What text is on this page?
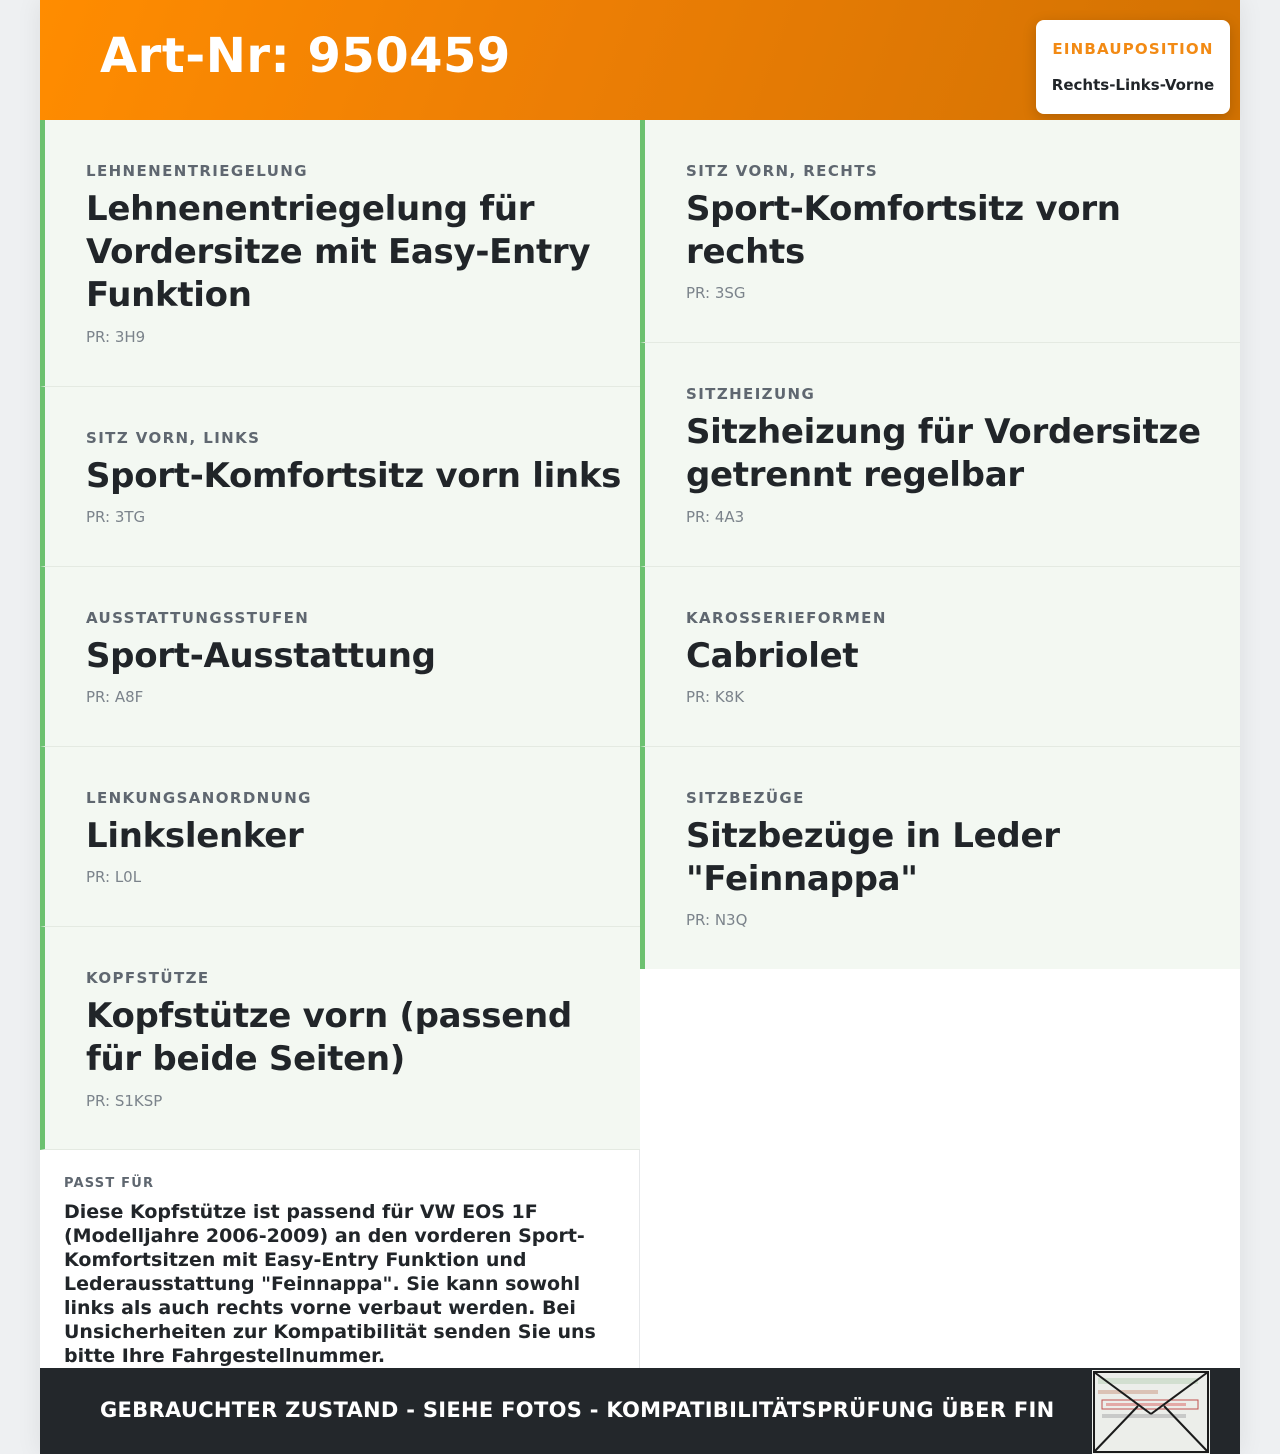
Art-Nr: 950459	EINBAUPOSITION
Rechts-Links-Vorne
LEHNENENTRIEGELUNG
Lehnenentriegelung für Vordersitze mit Easy-Entry Funktion
PR: 3H9
SITZ VORN, LINKS
Sport-Komfortsitz vorn links
PR: 3TG
AUSSTATTUNGSSTUFEN
Sport-Ausstattung
PR: A8F
LENKUNGSANORDNUNG
Linkslenker
PR: L0L
KOPFSTÜTZE
Kopfstütze vorn (passend für beide Seiten)
PR: S1KSP
SITZ VORN, RECHTS
Sport-Komfortsitz vorn rechts
PR: 3SG
SITZHEIZUNG
Sitzheizung für Vordersitze getrennt regelbar
PR: 4A3
KAROSSERIEFORMEN
Cabriolet
PR: K8K
SITZBEZÜGE
Sitzbezüge in Leder "Feinnappa"
PR: N3Q
PASST FÜR
Diese Kopfstütze ist passend für VW EOS 1F (Modelljahre 2006-2009) an den vorderen Sport-Komfortsitzen mit Easy-Entry Funktion und Lederausstattung "Feinnappa". Sie kann sowohl links als auch rechts vorne verbaut werden. Bei Unsicherheiten zur Kompatibilität senden Sie uns bitte Ihre Fahrgestellnummer.
GEBRAUCHTER ZUSTAND - SIEHE FOTOS - KOMPATIBILITÄTSPRÜFUNG ÜBER FIN
